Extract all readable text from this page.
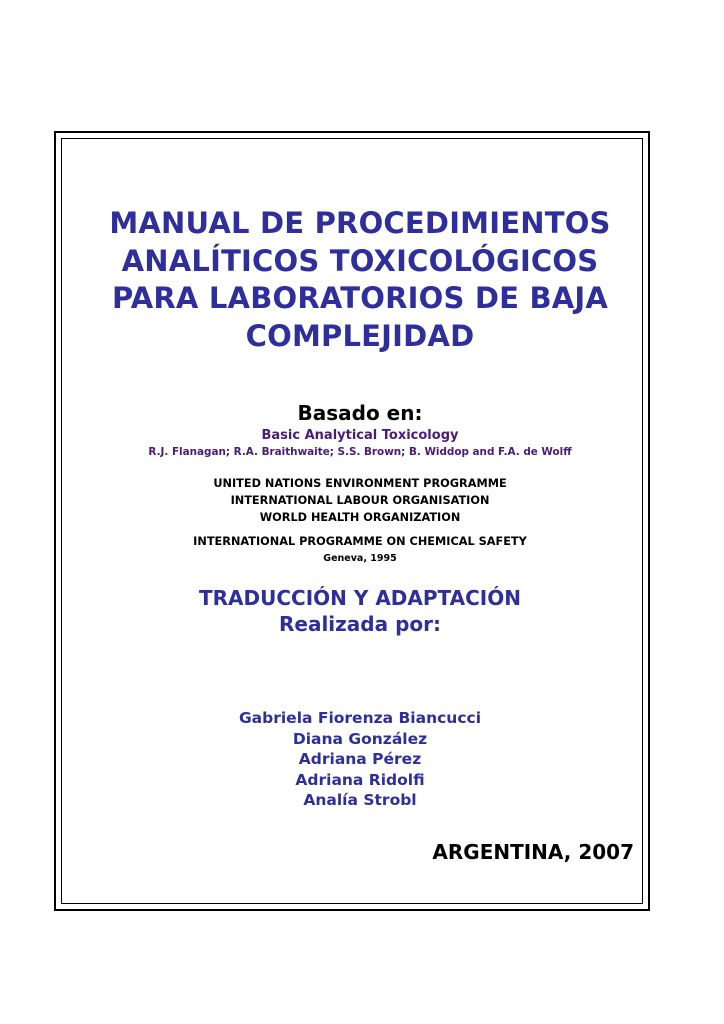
MANUAL DE PROCEDIMIENTOS
ANALÍTICOS TOXICOLÓGICOS
PARA LABORATORIOS DE BAJA
COMPLEJIDAD
Basado en:
Basic Analytical Toxicology
R.J. Flanagan; R.A. Braithwaite; S.S. Brown; B. Widdop and F.A. de Wolff
UNITED NATIONS ENVIRONMENT PROGRAMME
INTERNATIONAL LABOUR ORGANISATION
WORLD HEALTH ORGANIZATION
INTERNATIONAL PROGRAMME ON CHEMICAL SAFETY
Geneva, 1995
TRADUCCIÓN Y ADAPTACIÓN
Realizada por:
Gabriela Fiorenza Biancucci
Diana González
Adriana Pérez
Adriana Ridolfi
Analía Strobl
ARGENTINA, 2007
